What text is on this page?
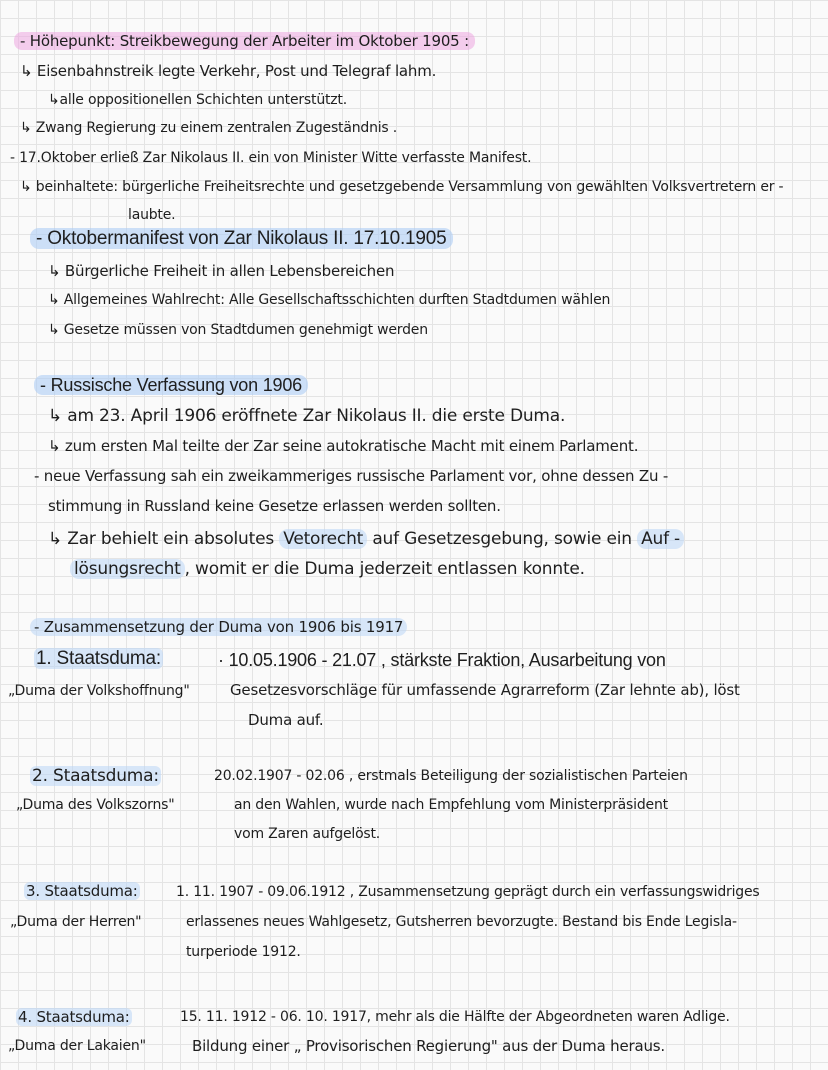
- Höhepunkt: Streikbewegung der Arbeiter im Oktober 1905 :
↳ Eisenbahnstreik legte Verkehr, Post und Telegraf lahm.
↳alle oppositionellen Schichten unterstützt.
↳ Zwang Regierung zu einem zentralen Zugeständnis .
- 17.Oktober erließ Zar Nikolaus II. ein von Minister Witte verfasste Manifest.
↳ beinhaltete: bürgerliche Freiheitsrechte und gesetzgebende Versammlung von gewählten Volksvertretern er -
laubte.
- Oktobermanifest von Zar Nikolaus II. 17.10.1905
↳ Bürgerliche Freiheit in allen Lebensbereichen
↳ Allgemeines Wahlrecht: Alle Gesellschaftsschichten durften Stadtdumen wählen
↳ Gesetze müssen von Stadtdumen genehmigt werden
- Russische Verfassung von 1906
↳ am 23. April 1906 eröffnete Zar Nikolaus II. die erste Duma.
↳ zum ersten Mal teilte der Zar seine autokratische Macht mit einem Parlament.
- neue Verfassung sah ein zweikammeriges russische Parlament vor, ohne dessen Zu -
stimmung in Russland keine Gesetze erlassen werden sollten.
↳ Zar behielt ein absolutes Vetorecht auf Gesetzesgebung, sowie ein Auf -
lösungsrecht , womit er die Duma jederzeit entlassen konnte.
- Zusammensetzung der Duma von 1906 bis 1917
1. Staatsduma:	· 10.05.1906 - 21.07 , stärkste Fraktion, Ausarbeitung von
„Duma der Volkshoffnung"	Gesetzesvorschläge für umfassende Agrarreform (Zar lehnte ab), löst
Duma auf.
2. Staatsduma:	20.02.1907 - 02.06 , erstmals Beteiligung der sozialistischen Parteien
„Duma des Volkszorns"	an den Wahlen, wurde nach Empfehlung vom Ministerpräsident
vom Zaren aufgelöst.
3. Staatsduma:	1. 11. 1907 - 09.06.1912 , Zusammensetzung geprägt durch ein verfassungswidriges
„Duma der Herren"	erlassenes neues Wahlgesetz, Gutsherren bevorzugte. Bestand bis Ende Legisla-
turperiode 1912.
4. Staatsduma:	15. 11. 1912 - 06. 10. 1917, mehr als die Hälfte der Abgeordneten waren Adlige.
„Duma der Lakaien"	Bildung einer „ Provisorischen Regierung" aus der Duma heraus.
